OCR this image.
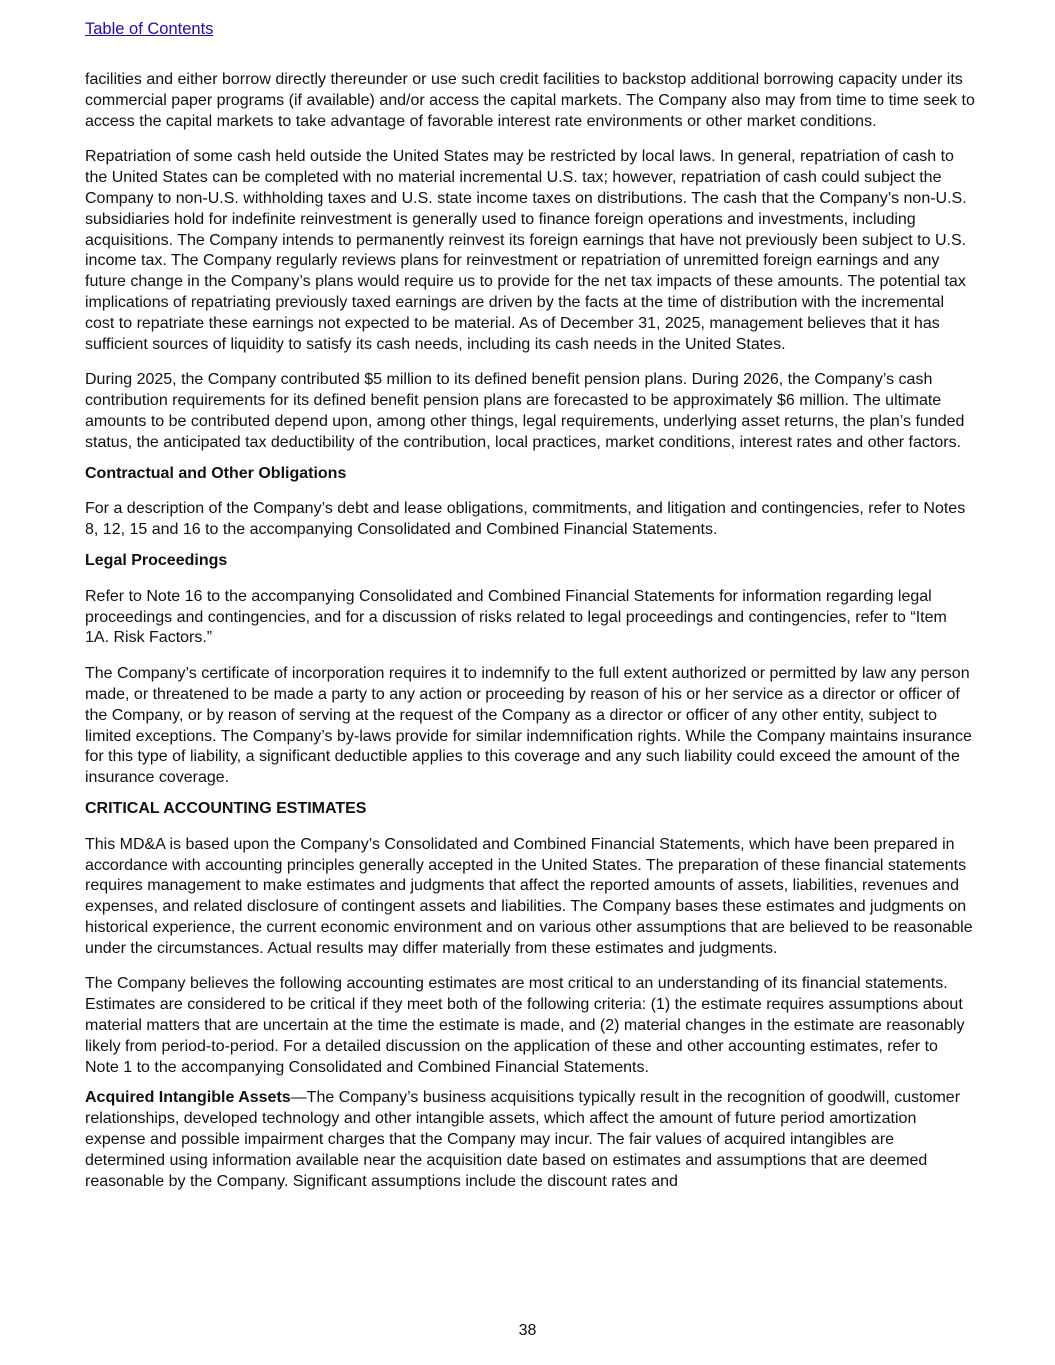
Table of Contents

facilities and either borrow directly thereunder or use such credit facilities to backstop additional borrowing capacity under its commercial paper programs (if available) and/or access the capital markets. The Company also may from time to time seek to access the capital markets to take advantage of favorable interest rate environments or other market conditions.

Repatriation of some cash held outside the United States may be restricted by local laws. In general, repatriation of cash to the United States can be completed with no material incremental U.S. tax; however, repatriation of cash could subject the Company to non-U.S. withholding taxes and U.S. state income taxes on distributions. The cash that the Company’s non-U.S. subsidiaries hold for indefinite reinvestment is generally used to finance foreign operations and investments, including acquisitions. The Company intends to permanently reinvest its foreign earnings that have not previously been subject to U.S. income tax. The Company regularly reviews plans for reinvestment or repatriation of unremitted foreign earnings and any future change in the Company’s plans would require us to provide for the net tax impacts of these amounts. The potential tax implications of repatriating previously taxed earnings are driven by the facts at the time of distribution with the incremental cost to repatriate these earnings not expected to be material. As of December 31, 2025, management believes that it has sufficient sources of liquidity to satisfy its cash needs, including its cash needs in the United States.

During 2025, the Company contributed $5 million to its defined benefit pension plans. During 2026, the Company’s cash contribution requirements for its defined benefit pension plans are forecasted to be approximately $6 million. The ultimate amounts to be contributed depend upon, among other things, legal requirements, underlying asset returns, the plan’s funded status, the anticipated tax deductibility of the contribution, local practices, market conditions, interest rates and other factors.

Contractual and Other Obligations

For a description of the Company’s debt and lease obligations, commitments, and litigation and contingencies, refer to Notes 8, 12, 15 and 16 to the accompanying Consolidated and Combined Financial Statements.

Legal Proceedings

Refer to Note 16 to the accompanying Consolidated and Combined Financial Statements for information regarding legal proceedings and contingencies, and for a discussion of risks related to legal proceedings and contingencies, refer to “Item 1A. Risk Factors.”

The Company’s certificate of incorporation requires it to indemnify to the full extent authorized or permitted by law any person made, or threatened to be made a party to any action or proceeding by reason of his or her service as a director or officer of the Company, or by reason of serving at the request of the Company as a director or officer of any other entity, subject to limited exceptions. The Company’s by-laws provide for similar indemnification rights. While the Company maintains insurance for this type of liability, a significant deductible applies to this coverage and any such liability could exceed the amount of the insurance coverage.

CRITICAL ACCOUNTING ESTIMATES

This MD&A is based upon the Company’s Consolidated and Combined Financial Statements, which have been prepared in accordance with accounting principles generally accepted in the United States. The preparation of these financial statements requires management to make estimates and judgments that affect the reported amounts of assets, liabilities, revenues and expenses, and related disclosure of contingent assets and liabilities. The Company bases these estimates and judgments on historical experience, the current economic environment and on various other assumptions that are believed to be reasonable under the circumstances. Actual results may differ materially from these estimates and judgments.

The Company believes the following accounting estimates are most critical to an understanding of its financial statements. Estimates are considered to be critical if they meet both of the following criteria: (1) the estimate requires assumptions about material matters that are uncertain at the time the estimate is made, and (2) material changes in the estimate are reasonably likely from period-to-period. For a detailed discussion on the application of these and other accounting estimates, refer to Note 1 to the accompanying Consolidated and Combined Financial Statements.

Acquired Intangible Assets—The Company’s business acquisitions typically result in the recognition of goodwill, customer relationships, developed technology and other intangible assets, which affect the amount of future period amortization expense and possible impairment charges that the Company may incur. The fair values of acquired intangibles are determined using information available near the acquisition date based on estimates and assumptions that are deemed reasonable by the Company. Significant assumptions include the discount rates and

38
